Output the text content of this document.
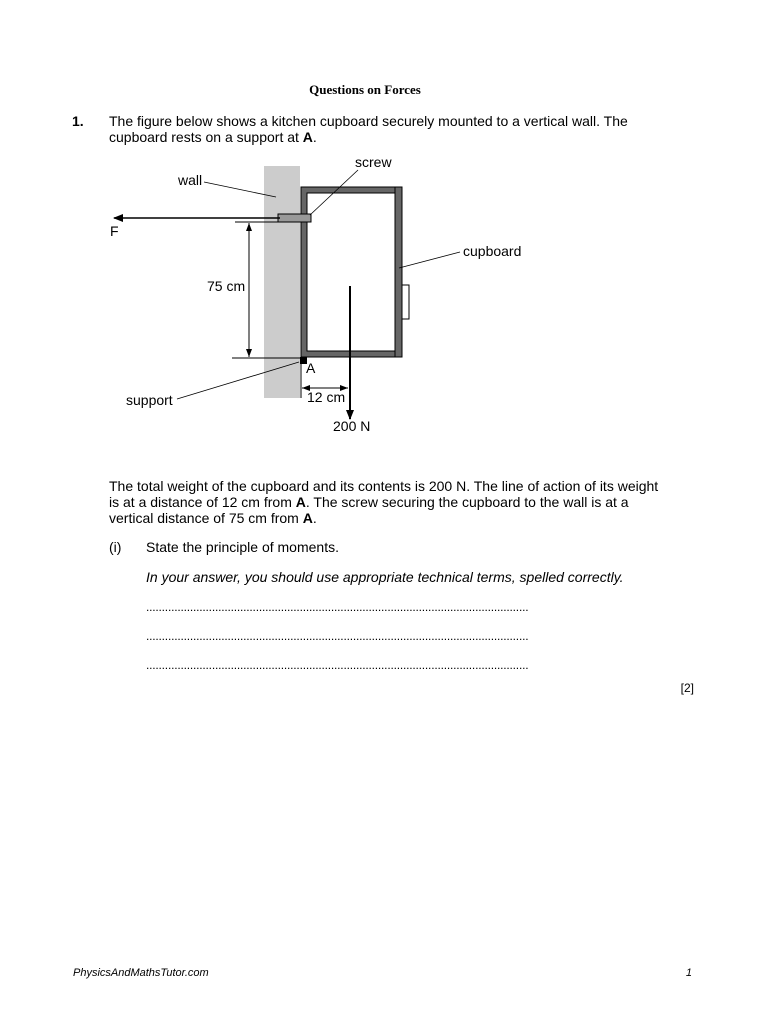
Questions on Forces
1. The figure below shows a kitchen cupboard securely mounted to a vertical wall. The cupboard rests on a support at A.
wall
screw
F
cupboard
75 cm
A
support	12 cm
200 N
The total weight of the cupboard and its contents is 200 N. The line of action of its weight is at a distance of 12 cm from A. The screw securing the cupboard to the wall is at a vertical distance of 75 cm from A.
(i) State the principle of moments.
In your answer, you should use appropriate technical terms, spelled correctly.
..........................................................................................................................
..........................................................................................................................
..........................................................................................................................
[2]
PhysicsAndMathsTutor.com	1
